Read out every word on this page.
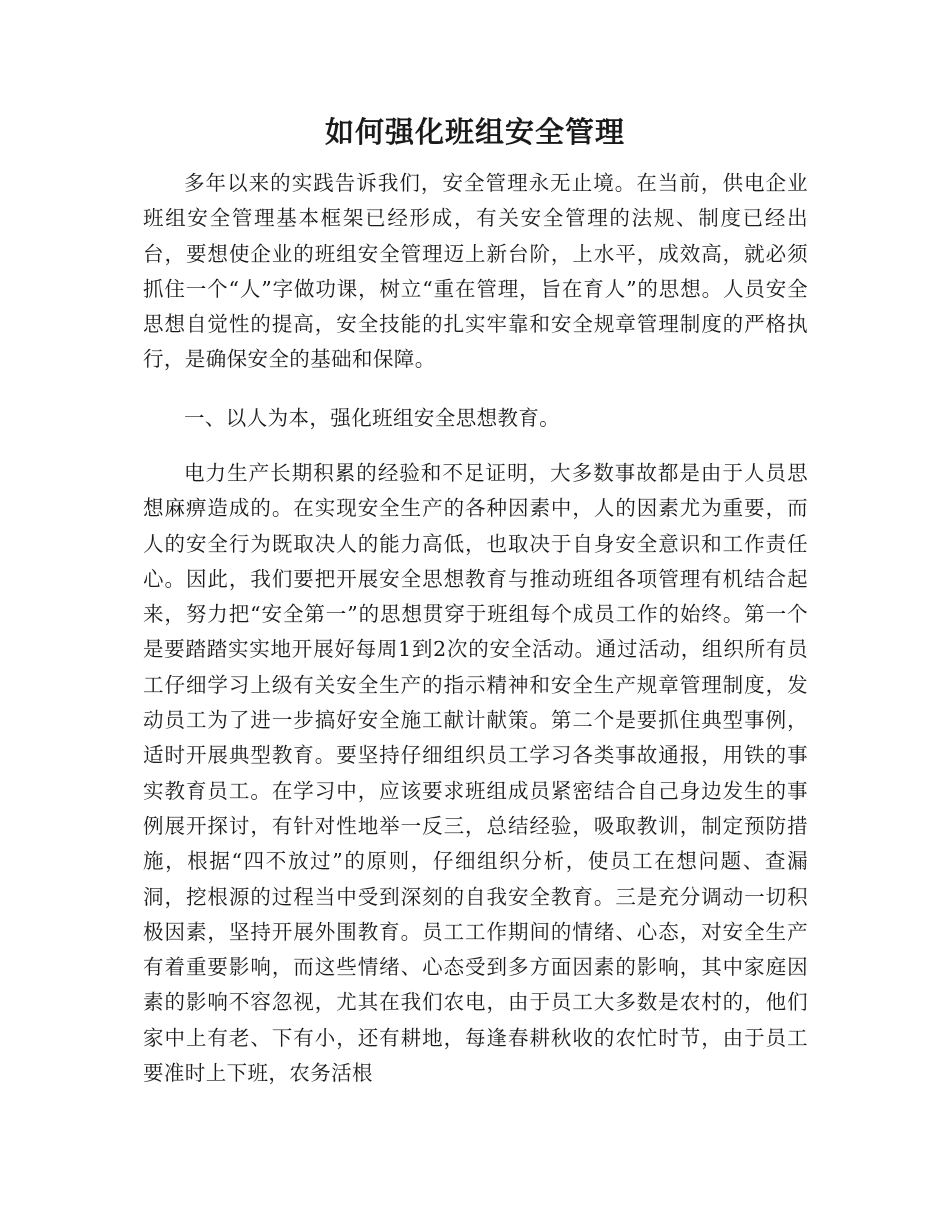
如何强化班组安全管理

多年以来的实践告诉我们，安全管理永无止境。在当前，供电企业班组安全管理基本框架已经形成，有关安全管理的法规、制度已经出台，要想使企业的班组安全管理迈上新台阶，上水平，成效高，就必须抓住一个“人”字做功课，树立“重在管理，旨在育人”的思想。人员安全思想自觉性的提高，安全技能的扎实牢靠和安全规章管理制度的严格执行，是确保安全的基础和保障。

一、以人为本，强化班组安全思想教育。

电力生产长期积累的经验和不足证明，大多数事故都是由于人员思想麻痹造成的。在实现安全生产的各种因素中，人的因素尤为重要，而人的安全行为既取决人的能力高低，也取决于自身安全意识和工作责任心。因此，我们要把开展安全思想教育与推动班组各项管理有机结合起来，努力把“安全第一”的思想贯穿于班组每个成员工作的始终。第一个是要踏踏实实地开展好每周1到2次的安全活动。通过活动，组织所有员工仔细学习上级有关安全生产的指示精神和安全生产规章管理制度，发动员工为了进一步搞好安全施工献计献策。第二个是要抓住典型事例，适时开展典型教育。要坚持仔细组织员工学习各类事故通报，用铁的事实教育员工。在学习中，应该要求班组成员紧密结合自己身边发生的事例展开探讨，有针对性地举一反三，总结经验，吸取教训，制定预防措施，根据“四不放过”的原则，仔细组织分析，使员工在想问题、查漏洞，挖根源的过程当中受到深刻的自我安全教育。三是充分调动一切积极因素，坚持开展外围教育。员工工作期间的情绪、心态，对安全生产有着重要影响，而这些情绪、心态受到多方面因素的影响，其中家庭因素的影响不容忽视，尤其在我们农电，由于员工大多数是农村的，他们家中上有老、下有小，还有耕地，每逢春耕秋收的农忙时节，由于员工要准时上下班，农务活根
